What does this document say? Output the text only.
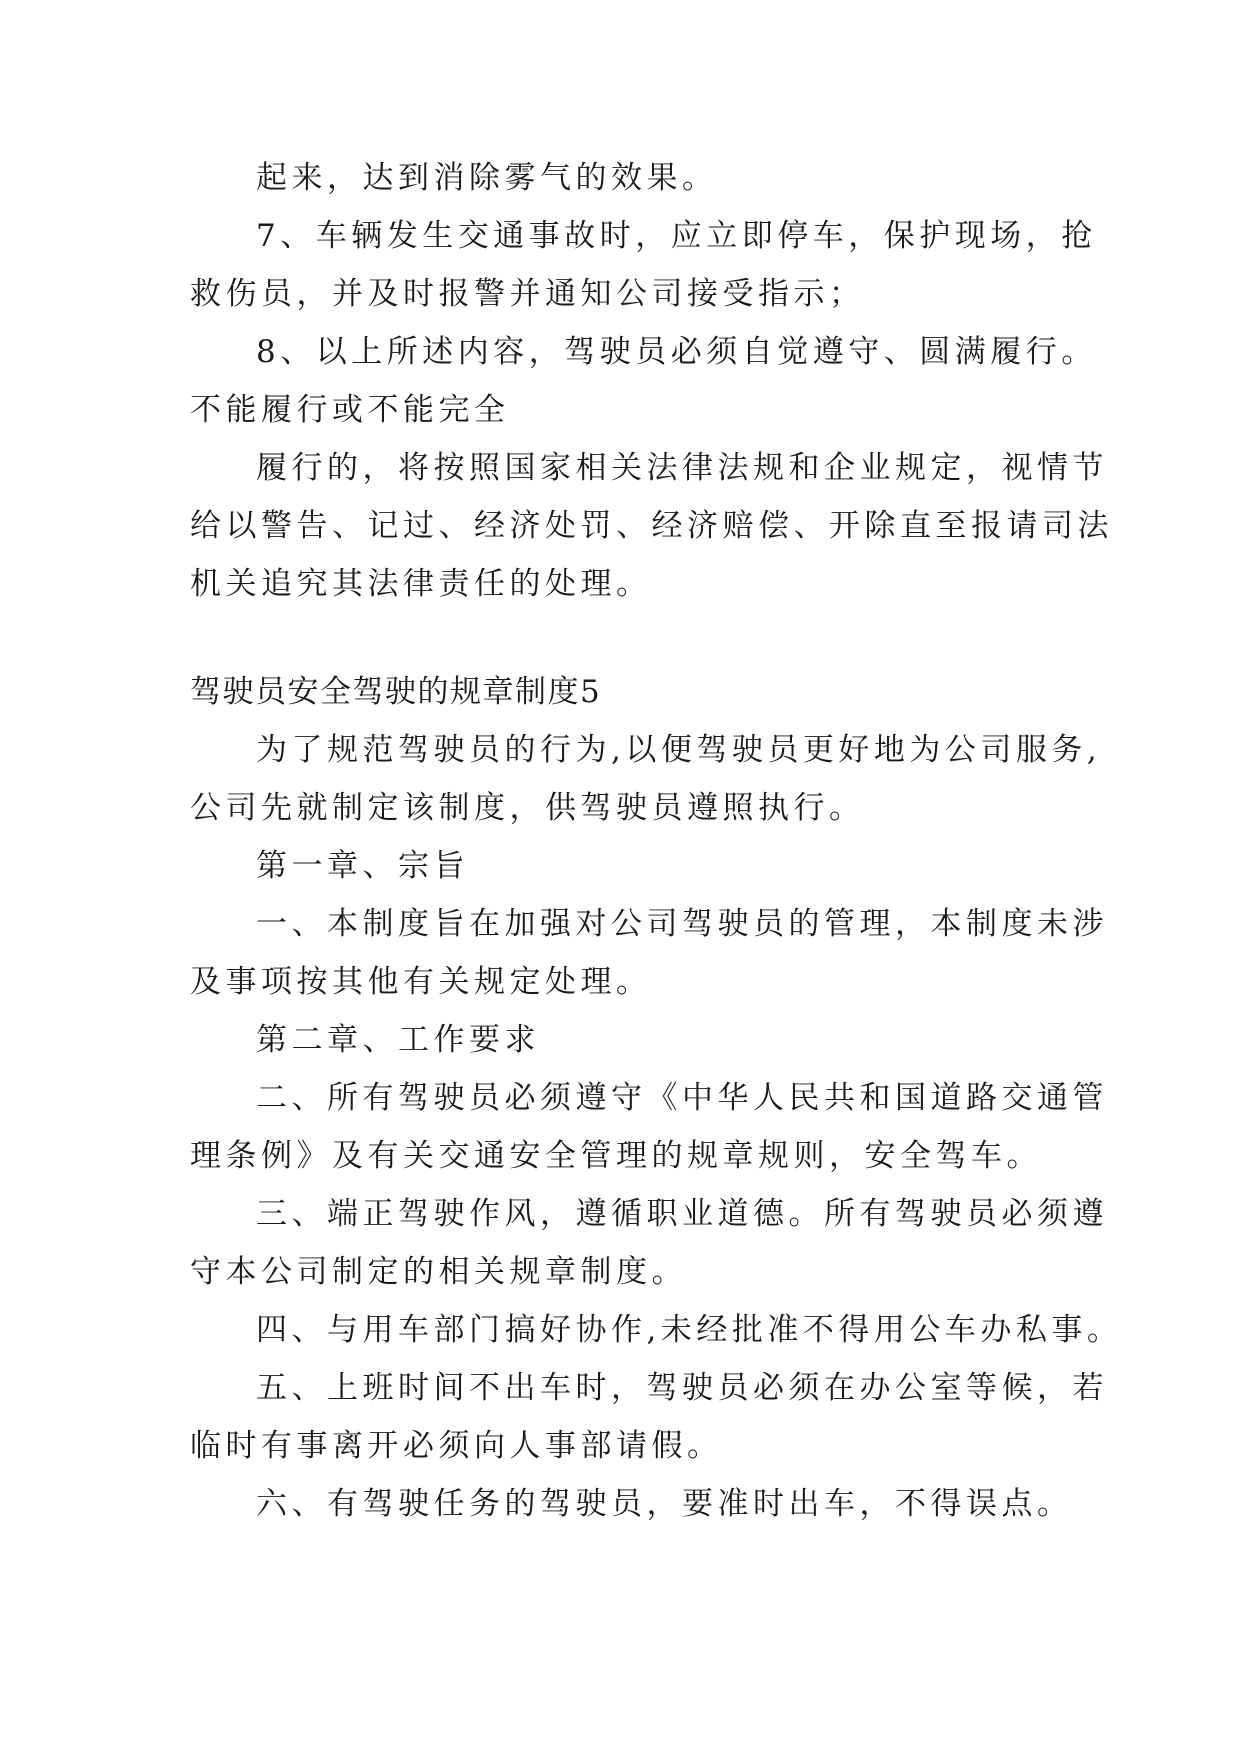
起来，达到消除雾气的效果。
7、车辆发生交通事故时，应立即停车，保护现场，抢
救伤员，并及时报警并通知公司接受指示；
8、以上所述内容，驾驶员必须自觉遵守、圆满履行。
不能履行或不能完全
履行的，将按照国家相关法律法规和企业规定，视情节
给以警告、记过、经济处罚、经济赔偿、开除直至报请司法
机关追究其法律责任的处理。
驾驶员安全驾驶的规章制度5
为了规范驾驶员的行为,以便驾驶员更好地为公司服务,
公司先就制定该制度，供驾驶员遵照执行。
第一章、宗旨
一、本制度旨在加强对公司驾驶员的管理，本制度未涉
及事项按其他有关规定处理。
第二章、工作要求
二、所有驾驶员必须遵守《中华人民共和国道路交通管
理条例》及有关交通安全管理的规章规则，安全驾车。
三、端正驾驶作风，遵循职业道德。所有驾驶员必须遵
守本公司制定的相关规章制度。
四、与用车部门搞好协作,未经批准不得用公车办私事。
五、上班时间不出车时，驾驶员必须在办公室等候，若
临时有事离开必须向人事部请假。
六、有驾驶任务的驾驶员，要准时出车，不得误点。
